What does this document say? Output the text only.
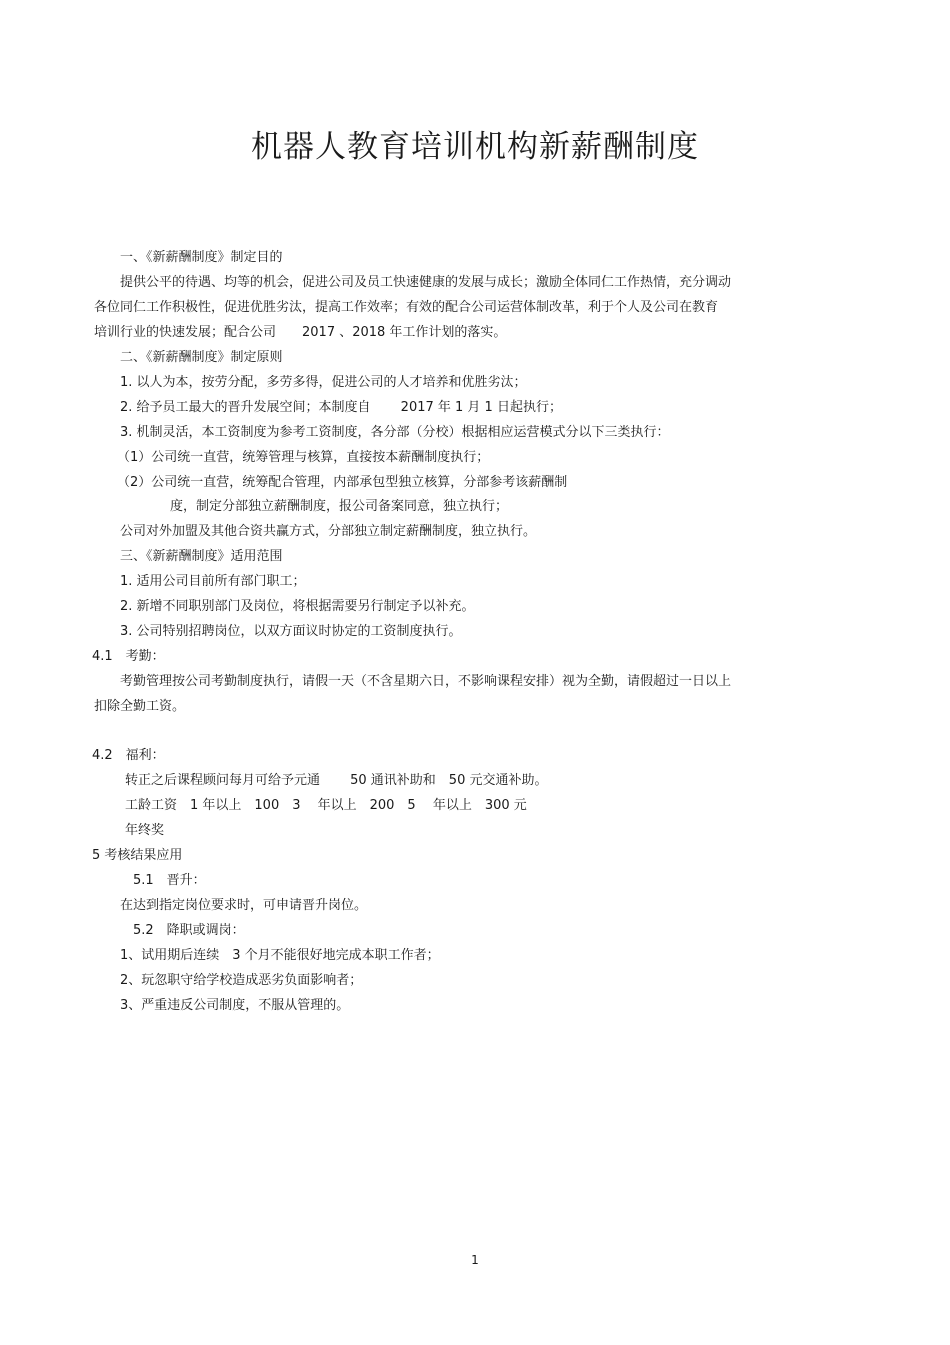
机器人教育培训机构新薪酬制度
一、《新薪酬制度》制定目的
提供公平的待遇、均等的机会，促进公司及员工快速健康的发展与成长；激励全体同仁工作热情，充分调动
各位同仁工作积极性，促进优胜劣汰，提高工作效率；有效的配合公司运营体制改革，利于个人及公司在教育
培训行业的快速发展；配合公司　　2017 、2018 年工作计划的落实。
二、《新薪酬制度》制定原则
1. 以人为本，按劳分配，多劳多得，促进公司的人才培养和优胜劣汰；
2. 给予员工最大的晋升发展空间；本制度自　　 2017 年 1 月 1 日起执行；
3. 机制灵活，本工资制度为参考工资制度，各分部（分校）根据相应运营模式分以下三类执行：
（1）公司统一直营，统筹管理与核算，直接按本薪酬制度执行；
（2）公司统一直营，统筹配合管理，内部承包型独立核算，分部参考该薪酬制
度，制定分部独立薪酬制度，报公司备案同意，独立执行；
公司对外加盟及其他合资共赢方式，分部独立制定薪酬制度，独立执行。
三、《新薪酬制度》适用范围
1. 适用公司目前所有部门职工；
2. 新增不同职别部门及岗位，将根据需要另行制定予以补充。
3. 公司特别招聘岗位，以双方面议时协定的工资制度执行。
4.1　考勤：
考勤管理按公司考勤制度执行，请假一天（不含星期六日，不影响课程安排）视为全勤，请假超过一日以上
扣除全勤工资。
4.2　福利：
转正之后课程顾问每月可给予元通　　 50 通讯补助和　50 元交通补助。
工龄工资　1 年以上　100　3　 年以上　200　5　 年以上　300 元
年终奖
5 考核结果应用
5.1　晋升：
在达到指定岗位要求时，可申请晋升岗位。
5.2　降职或调岗：
1、试用期后连续　3 个月不能很好地完成本职工作者；
2、玩忽职守给学校造成恶劣负面影响者；
3、严重违反公司制度，不服从管理的。
1
